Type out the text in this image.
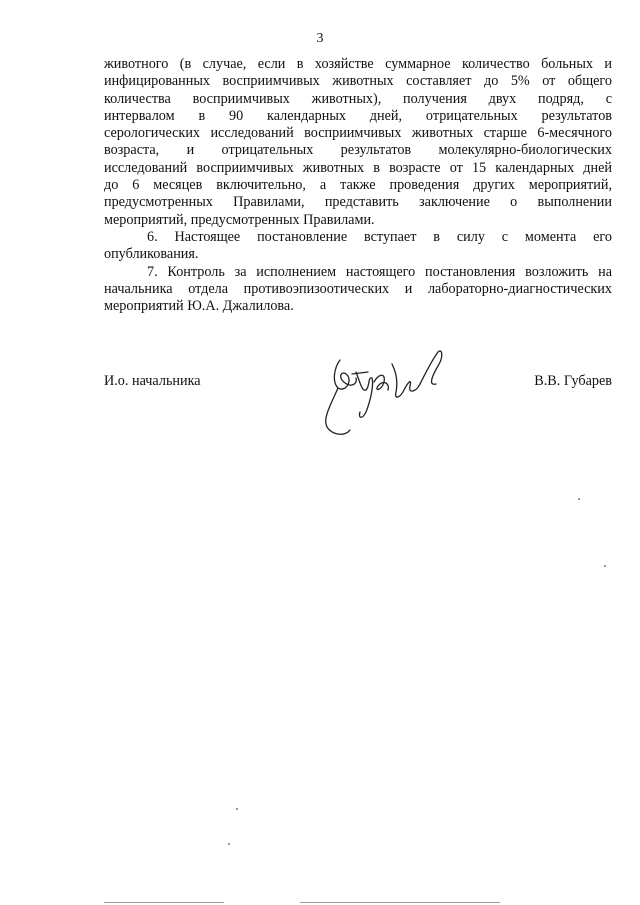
3

животного (в случае, если в хозяйстве суммарное количество больных и
инфицированных восприимчивых животных составляет до 5% от общего
количества восприимчивых животных), получения двух подряд, с
интервалом в 90 календарных дней, отрицательных результатов
серологических исследований восприимчивых животных старше 6-месячного
возраста, и отрицательных результатов молекулярно-биологических
исследований восприимчивых животных в возрасте от 15 календарных дней
до 6 месяцев включительно, а также проведения других мероприятий,
предусмотренных Правилами, представить заключение о выполнении
мероприятий, предусмотренных Правилами.

6. Настоящее постановление вступает в силу с момента его
опубликования.

7. Контроль за исполнением настоящего постановления возложить на
начальника отдела противоэпизоотических и лабораторно-диагностических
мероприятий Ю.А. Джалилова.

И.о. начальника	В.В. Губарев
